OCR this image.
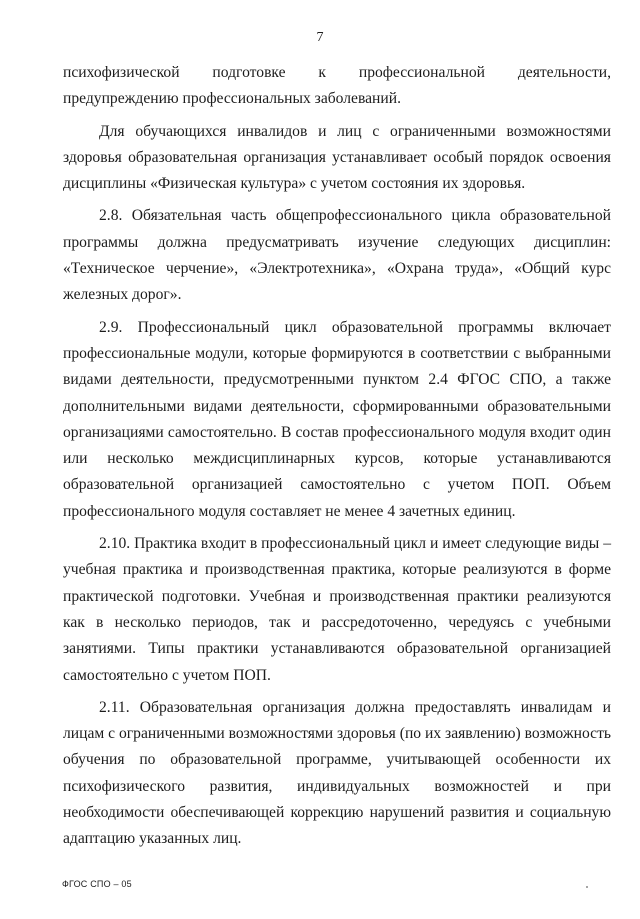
7

психофизической подготовке к профессиональной деятельности, предупреждению профессиональных заболеваний.

Для обучающихся инвалидов и лиц с ограниченными возможностями здоровья образовательная организация устанавливает особый порядок освоения дисциплины «Физическая культура» с учетом состояния их здоровья.

2.8. Обязательная часть общепрофессионального цикла образовательной программы должна предусматривать изучение следующих дисциплин: «Техническое черчение», «Электротехника», «Охрана труда», «Общий курс железных дорог».

2.9. Профессиональный цикл образовательной программы включает профессиональные модули, которые формируются в соответствии с выбранными видами деятельности, предусмотренными пунктом 2.4 ФГОС СПО, а также дополнительными видами деятельности, сформированными образовательными организациями самостоятельно. В состав профессионального модуля входит один или несколько междисциплинарных курсов, которые устанавливаются образовательной организацией самостоятельно с учетом ПОП. Объем профессионального модуля составляет не менее 4 зачетных единиц.

2.10. Практика входит в профессиональный цикл и имеет следующие виды – учебная практика и производственная практика, которые реализуются в форме практической подготовки. Учебная и производственная практики реализуются как в несколько периодов, так и рассредоточенно, чередуясь с учебными занятиями. Типы практики устанавливаются образовательной организацией самостоятельно с учетом ПОП.

2.11. Образовательная организация должна предоставлять инвалидам и лицам с ограниченными возможностями здоровья (по их заявлению) возможность обучения по образовательной программе, учитывающей особенности их психофизического развития, индивидуальных возможностей и при необходимости обеспечивающей коррекцию нарушений развития и социальную адаптацию указанных лиц.

ФГОС СПО – 05
